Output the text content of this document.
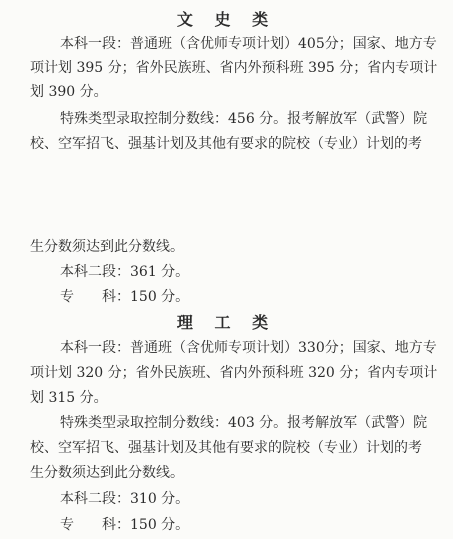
文 史 类
本科一段：普通班（含优师专项计划）405分；国家、地方专
项计划 395 分；省外民族班、省内外预科班 395 分；省内专项计
划 390 分。
特殊类型录取控制分数线：456 分。报考解放军（武警）院
校、空军招飞、强基计划及其他有要求的院校（专业）计划的考
生分数须达到此分数线。
本科二段：361 分。
专　　科：150 分。
理 工 类
本科一段：普通班（含优师专项计划）330分；国家、地方专
项计划 320 分；省外民族班、省内外预科班 320 分；省内专项计
划 315 分。
特殊类型录取控制分数线：403 分。报考解放军（武警）院
校、空军招飞、强基计划及其他有要求的院校（专业）计划的考
生分数须达到此分数线。
本科二段：310 分。
专　　科：150 分。
